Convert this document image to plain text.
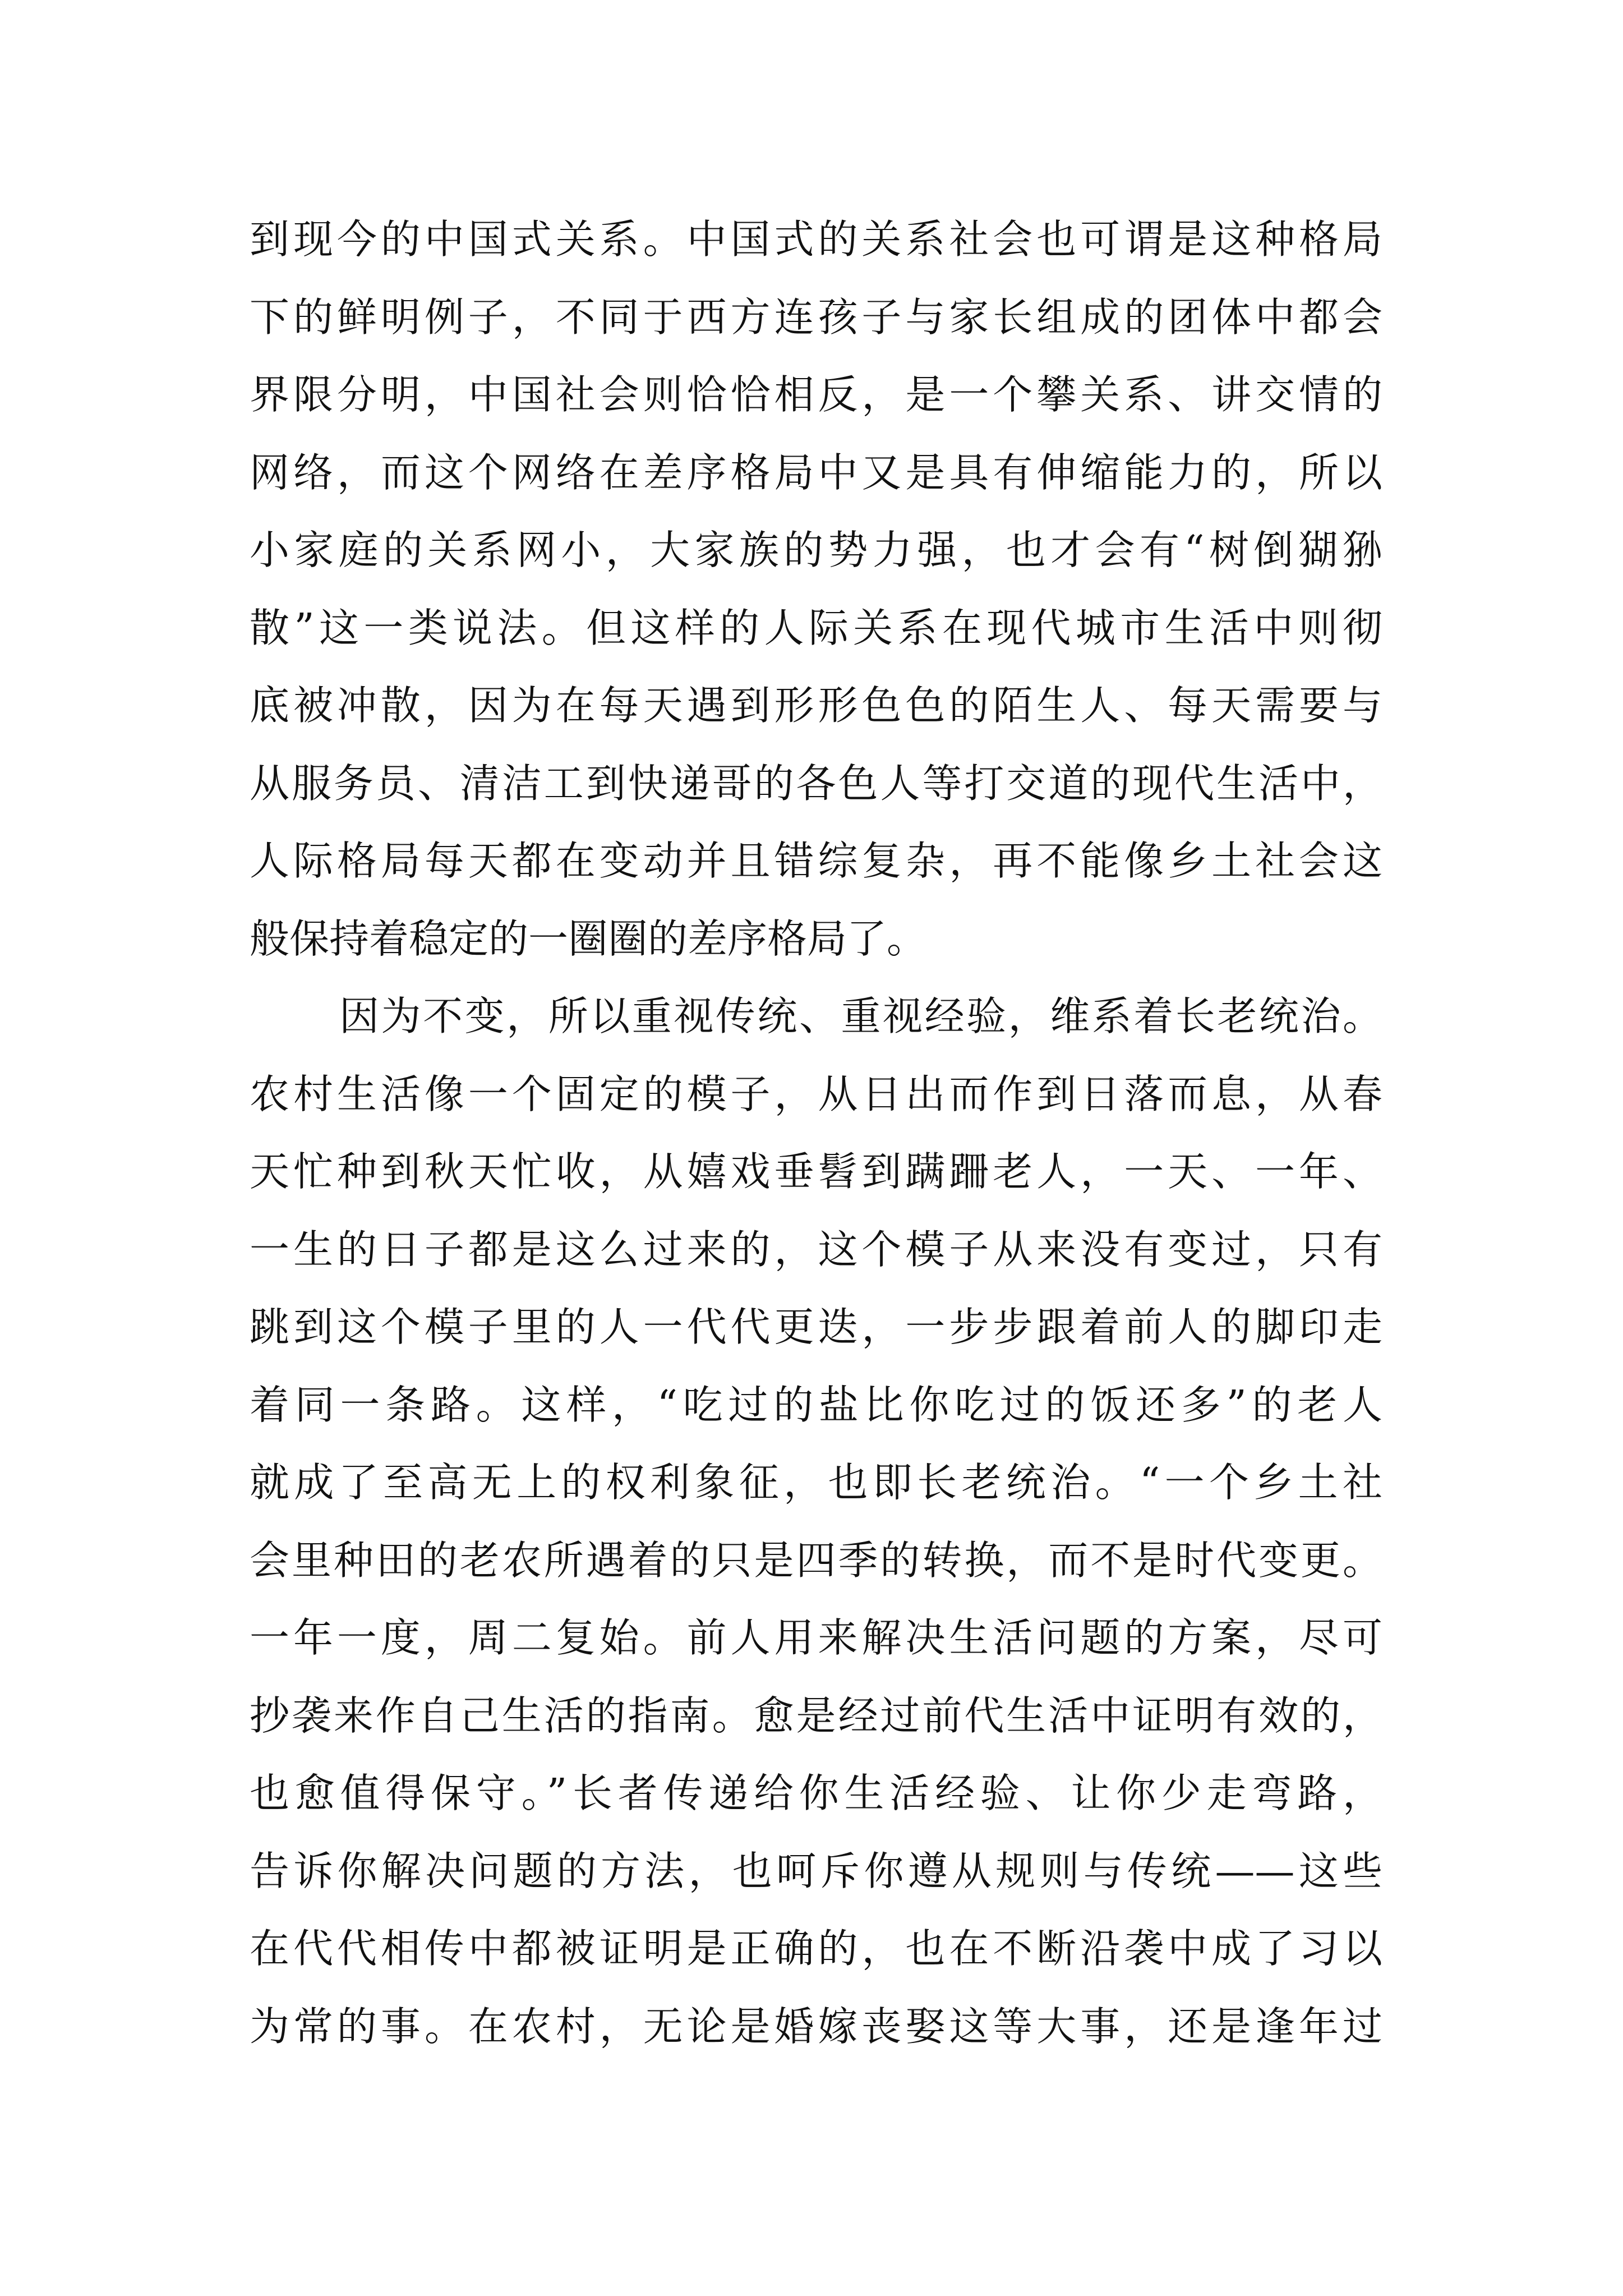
到现今的中国式关系。中国式的关系社会也可谓是这种格局
下的鲜明例子，不同于西方连孩子与家长组成的团体中都会
界限分明，中国社会则恰恰相反，是一个攀关系、讲交情的
网络，而这个网络在差序格局中又是具有伸缩能力的，所以
小家庭的关系网小，大家族的势力强，也才会有“树倒猢狲
散”这一类说法。但这样的人际关系在现代城市生活中则彻
底被冲散，因为在每天遇到形形色色的陌生人、每天需要与
从服务员、清洁工到快递哥的各色人等打交道的现代生活中，
人际格局每天都在变动并且错综复杂，再不能像乡土社会这
般保持着稳定的一圈圈的差序格局了。
因为不变，所以重视传统、重视经验，维系着长老统治。
农村生活像一个固定的模子，从日出而作到日落而息，从春
天忙种到秋天忙收，从嬉戏垂髫到蹒跚老人，一天、一年、
一生的日子都是这么过来的，这个模子从来没有变过，只有
跳到这个模子里的人一代代更迭，一步步跟着前人的脚印走
着同一条路。这样，“吃过的盐比你吃过的饭还多”的老人
就成了至高无上的权利象征，也即长老统治。“一个乡土社
会里种田的老农所遇着的只是四季的转换，而不是时代变更。
一年一度，周二复始。前人用来解决生活问题的方案，尽可
抄袭来作自己生活的指南。愈是经过前代生活中证明有效的，
也愈值得保守。”长者传递给你生活经验、让你少走弯路，
告诉你解决问题的方法，也呵斥你遵从规则与传统——这些
在代代相传中都被证明是正确的，也在不断沿袭中成了习以
为常的事。在农村，无论是婚嫁丧娶这等大事，还是逢年过
